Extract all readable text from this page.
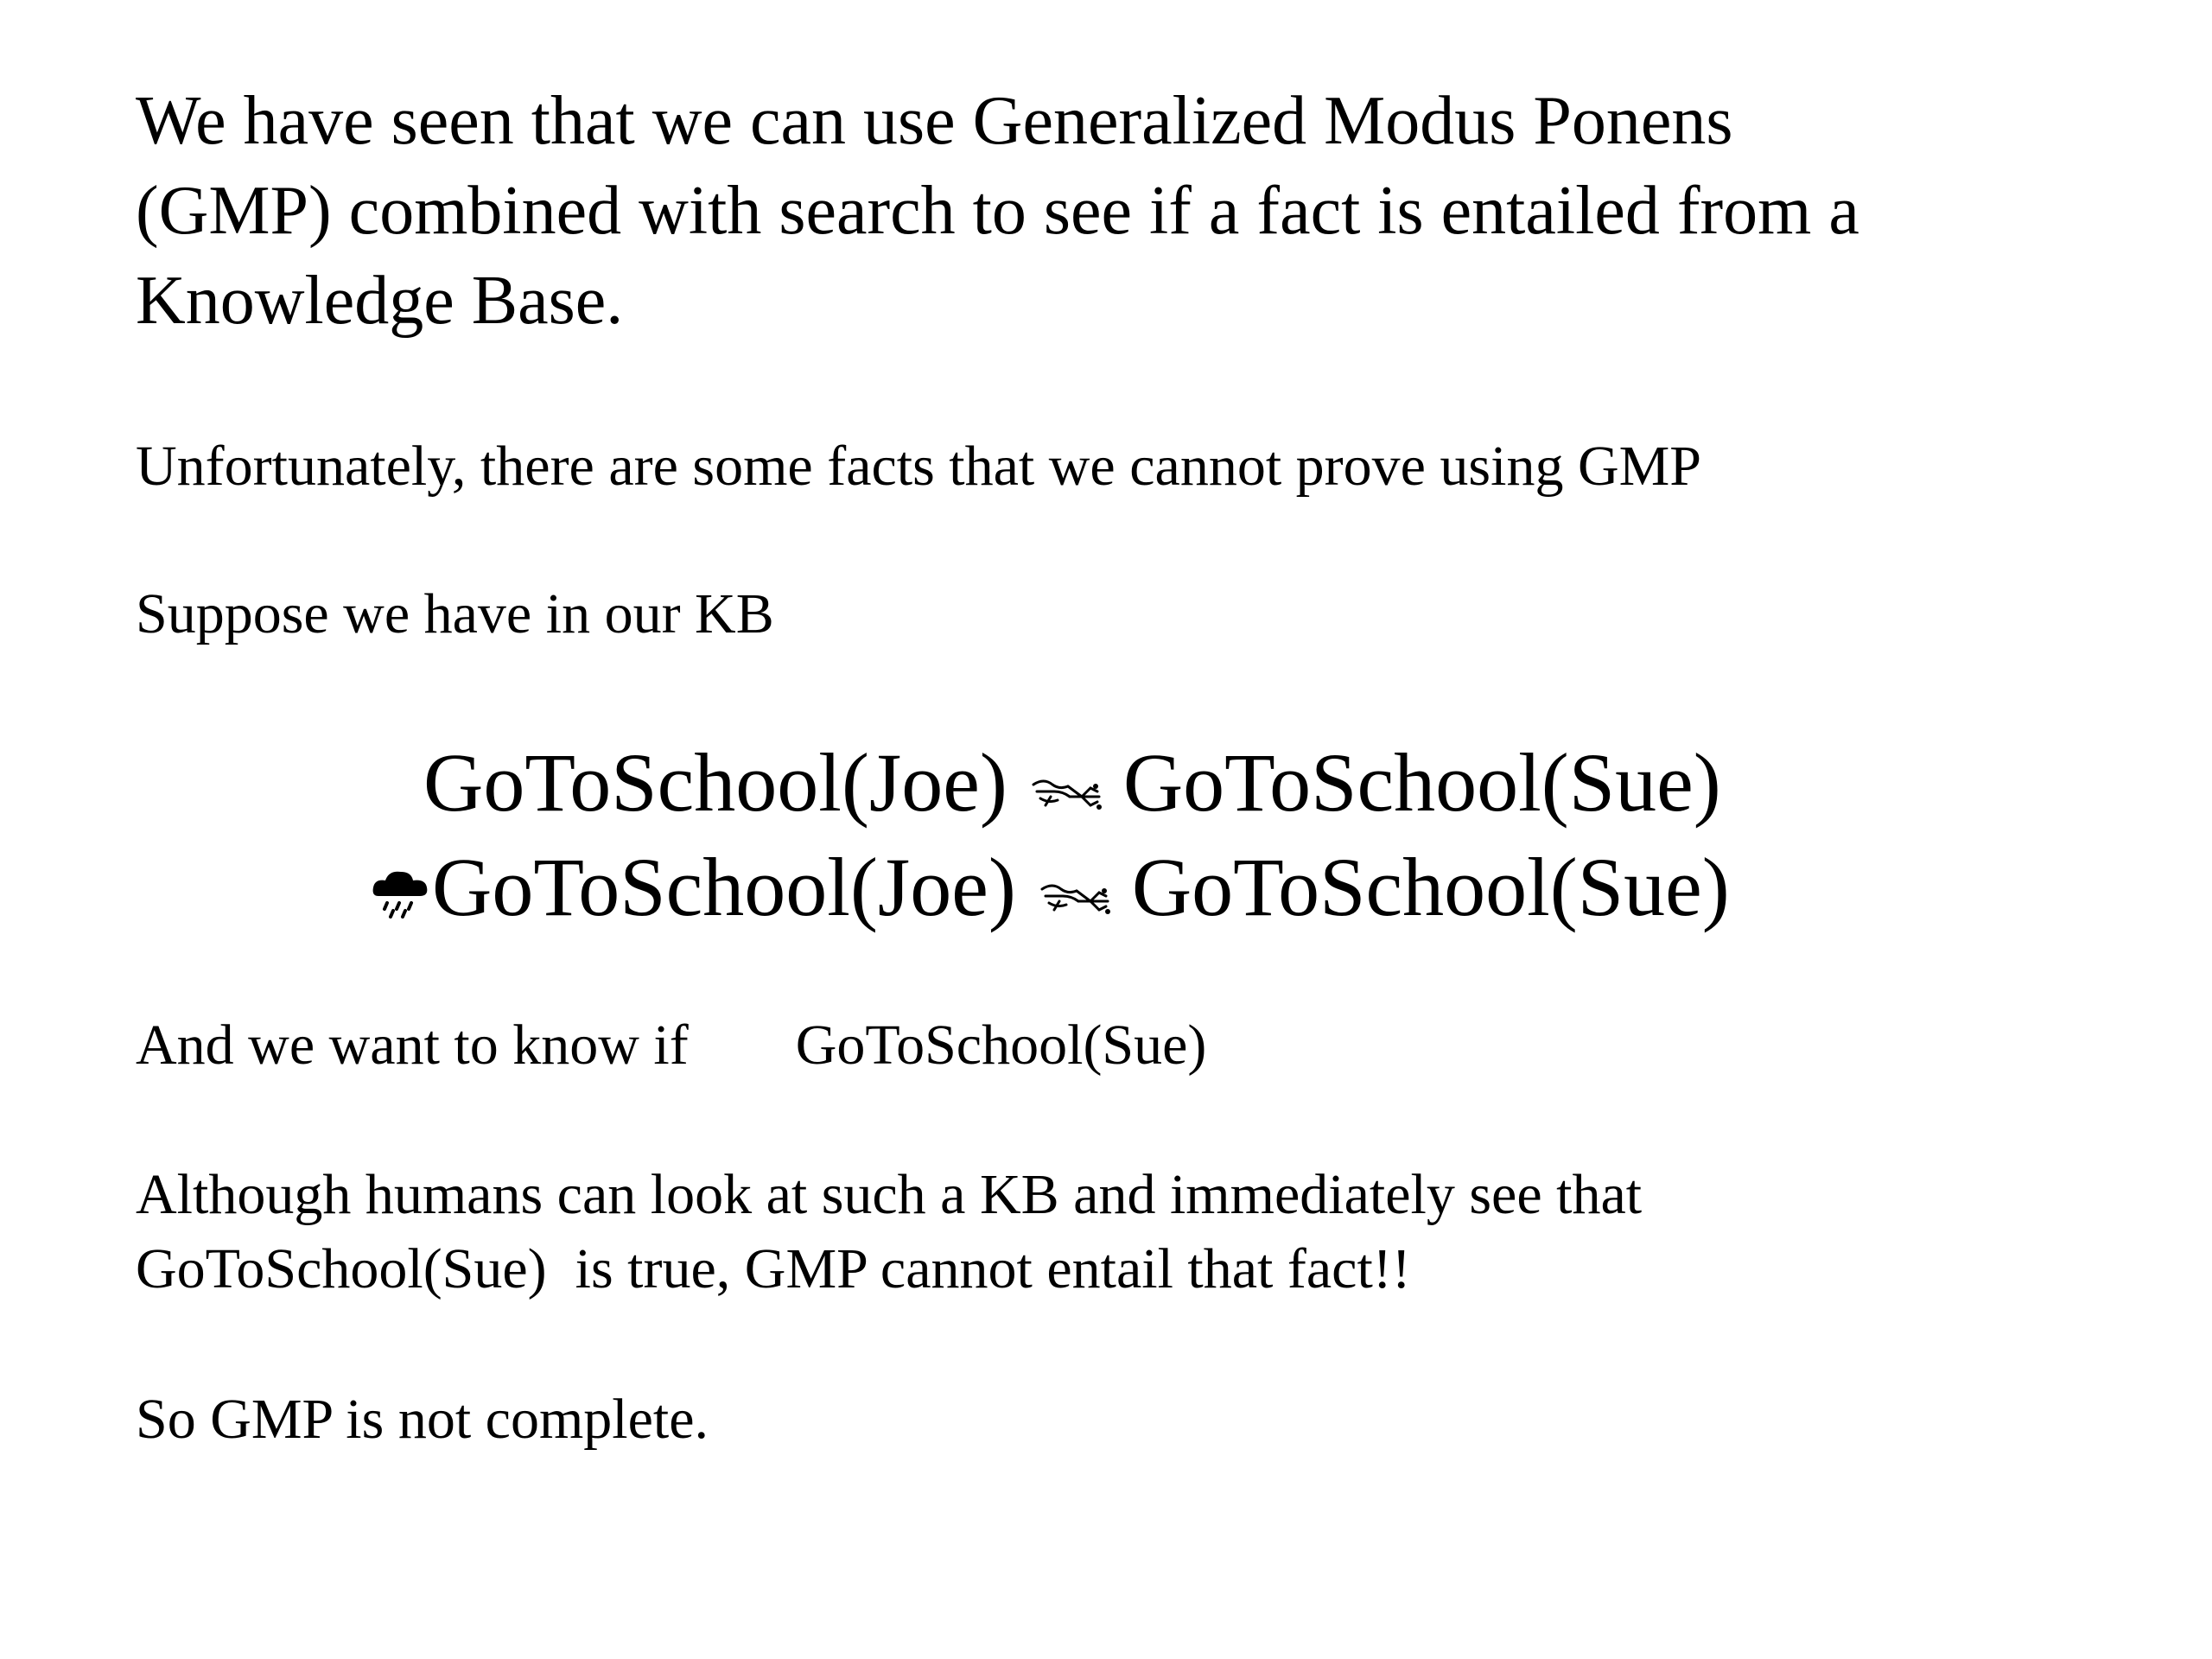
We have seen that we can use Generalized Modus Ponens
(GMP) combined with search to see if a fact is entailed from a
Knowledge Base.
Unfortunately, there are some facts that we cannot prove using GMP
Suppose we have in our KB
GoToSchool(Joe) GoToSchool(Sue)
GoToSchool(Joe) GoToSchool(Sue)
And we want to know if GoToSchool(Sue)
Although humans can look at such a KB and immediately see that
GoToSchool(Sue)  is true, GMP cannot entail that fact!!
So GMP is not complete.
